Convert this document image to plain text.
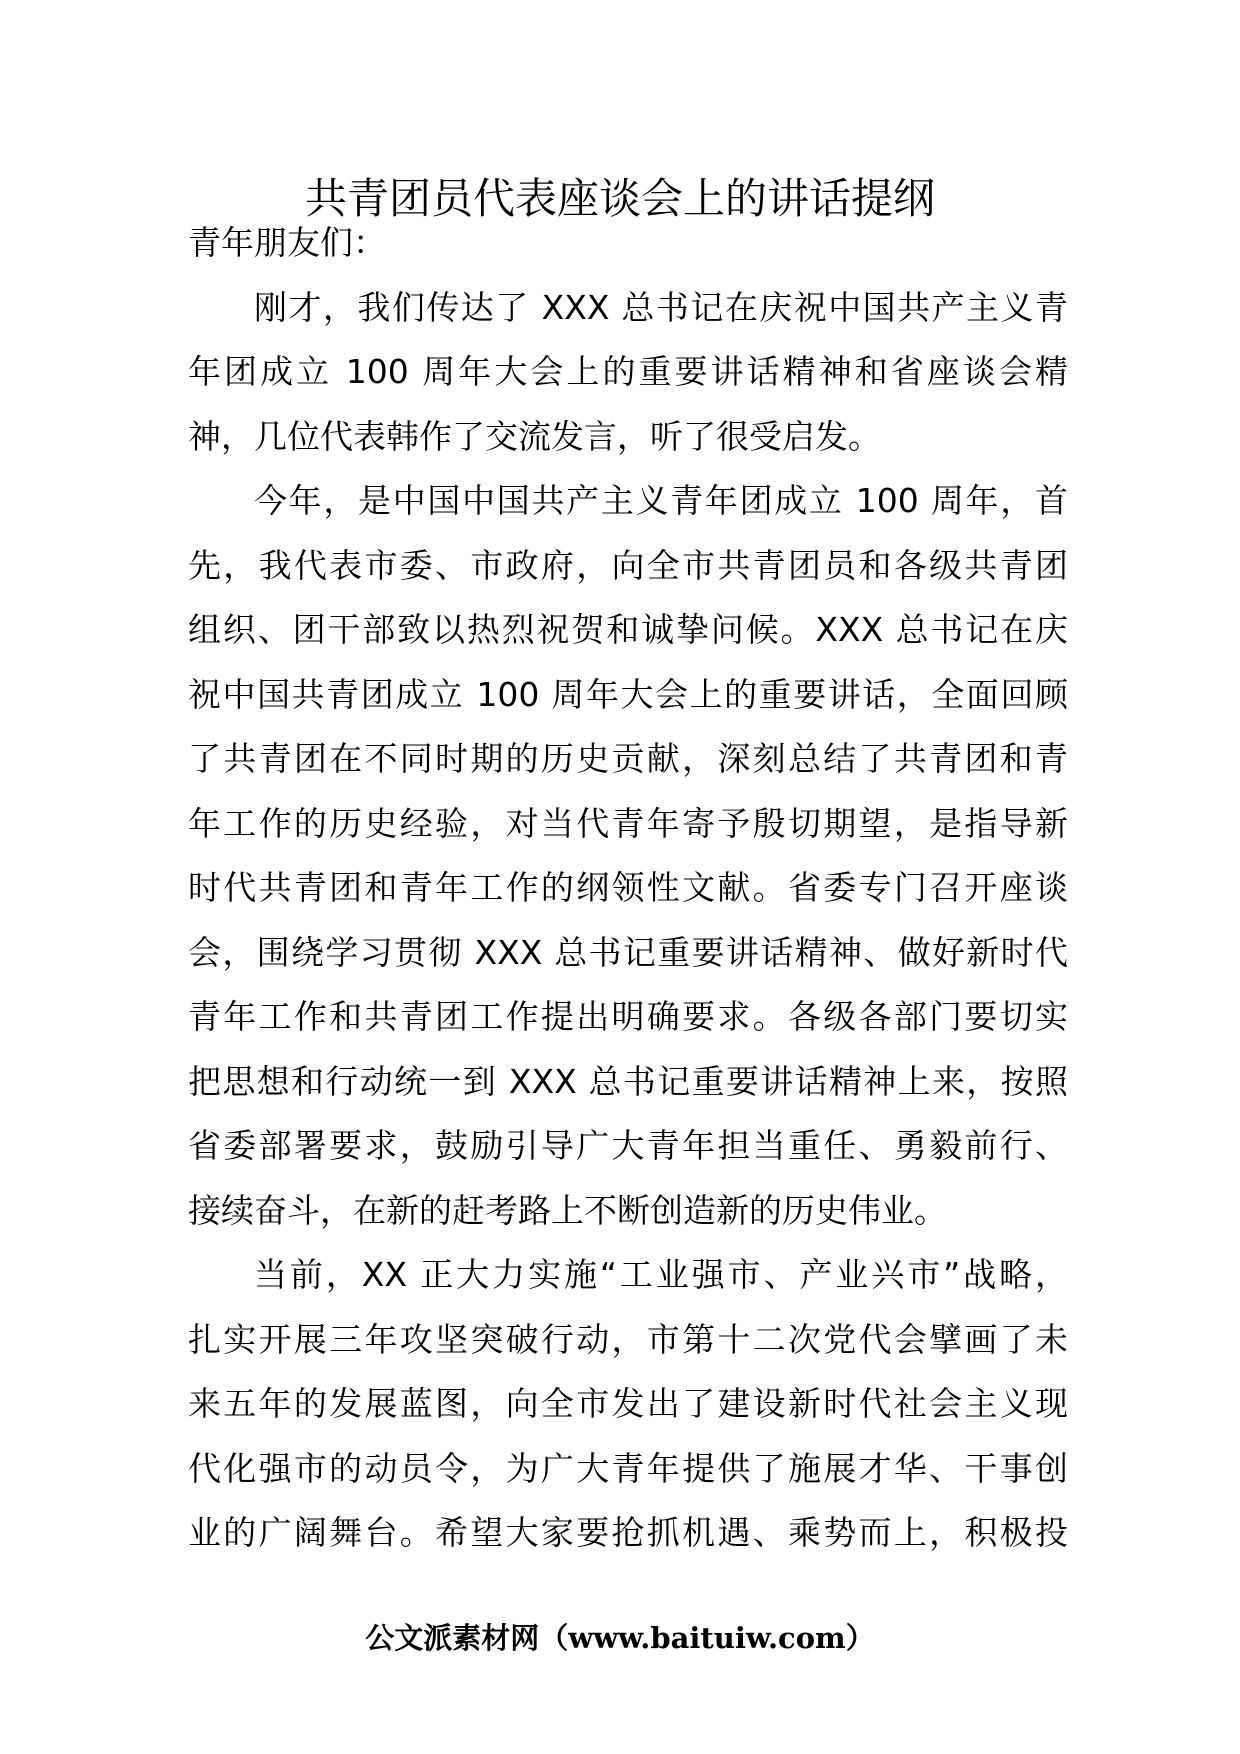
共青团员代表座谈会上的讲话提纲
青年朋友们：
刚才，我们传达了 XXX 总书记在庆祝中国共产主义青
年团成立 100 周年大会上的重要讲话精神和省座谈会精
神，几位代表韩作了交流发言，听了很受启发。
今年，是中国中国共产主义青年团成立 100 周年，首
先，我代表市委、市政府，向全市共青团员和各级共青团
组织、团干部致以热烈祝贺和诚挚问候。XXX 总书记在庆
祝中国共青团成立 100 周年大会上的重要讲话，全面回顾
了共青团在不同时期的历史贡献，深刻总结了共青团和青
年工作的历史经验，对当代青年寄予殷切期望，是指导新
时代共青团和青年工作的纲领性文献。省委专门召开座谈
会，围绕学习贯彻 XXX 总书记重要讲话精神、做好新时代
青年工作和共青团工作提出明确要求。各级各部门要切实
把思想和行动统一到 XXX 总书记重要讲话精神上来，按照
省委部署要求，鼓励引导广大青年担当重任、勇毅前行、
接续奋斗，在新的赶考路上不断创造新的历史伟业。
当前，XX 正大力实施“工业强市、产业兴市”战略，
扎实开展三年攻坚突破行动，市第十二次党代会擘画了未
来五年的发展蓝图，向全市发出了建设新时代社会主义现
代化强市的动员令，为广大青年提供了施展才华、干事创
业的广阔舞台。希望大家要抢抓机遇、乘势而上，积极投
公文派素材网（www.baituiw.com）
